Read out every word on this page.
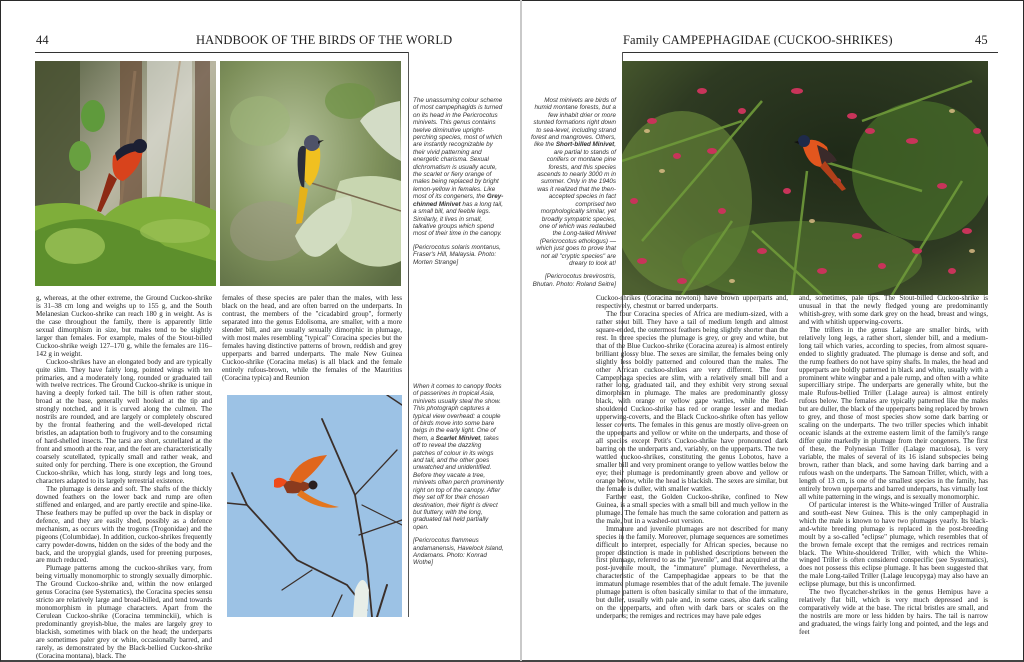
44	HANDBOOK OF THE BIRDS OF THE WORLD

g, whereas, at the other extreme, the Ground Cuckoo-shrike is 31–38 cm long and weighs up to 155 g, and the South Melanesian Cuckoo-shrike can reach 180 g in weight. As is the case throughout the family, there is apparently little sexual dimorphism in size, but males tend to be slightly larger than females. For example, males of the Stout-billed Cuckoo-shrike weigh 127–170 g, while the females are 116–142 g in weight.

Cuckoo-shrikes have an elongated body and are typically quite slim. They have fairly long, pointed wings with ten primaries, and a moderately long, rounded or graduated tail with twelve rectrices. The Ground Cuckoo-shrike is unique in having a deeply forked tail. The bill is often rather stout, broad at the base, generally well hooked at the tip and strongly notched, and it is curved along the culmen. The nostrils are rounded, and are largely or completely obscured by the frontal feathering and the well-developed rictal bristles, an adaptation both to frugivory and to the consuming of hard-shelled insects. The tarsi are short, scutellated at the front and smooth at the rear, and the feet are characteristically coarsely scutellated, typically small and rather weak, and suited only for perching. There is one exception, the Ground Cuckoo-shrike, which has long, sturdy legs and long toes, characters adapted to its largely terrestrial existence.

The plumage is dense and soft. The shafts of the thickly downed feathers on the lower back and rump are often stiffened and enlarged, and are partly erectile and spine-like. These feathers may be puffed up over the back in display or defence, and they are easily shed, possibly as a defence mechanism, as occurs with the trogons (Trogonidae) and the pigeons (Columbidae). In addition, cuckoo-shrikes frequently carry powder-downs, hidden on the sides of the body and the back, and the uropygial glands, used for preening purposes, are much reduced.

Plumage patterns among the cuckoo-shrikes vary, from being virtually monomorphic to strongly sexually dimorphic. The Ground Cuckoo-shrike and, within the now enlarged genus Coracina (see Systematics), the Coracina species sensu stricto are relatively large and broad-billed, and tend towards monomorphism in plumage characters. Apart from the Cerulean Cuckoo-shrike (Coracina temminckii), which is predominantly greyish-blue, the males are largely grey to blackish, sometimes with black on the head; the underparts are sometimes paler grey or white, occasionally barred, and rarely, as demonstrated by the Black-bellied Cuckoo-shrike (Coracina montana), black. The

females of these species are paler than the males, with less black on the head, and are often barred on the underparts. In contrast, the members of the "cicadabird group", formerly separated into the genus Edolisoma, are smaller, with a more slender bill, and are usually sexually dimorphic in plumage, with most males resembling "typical" Coracina species but the females having distinctive patterns of brown, reddish and grey upperparts and barred underparts. The male New Guinea Cuckoo-shrike (Coracina melas) is all black and the female entirely rufous-brown, while the females of the Mauritius (Coracina typica) and Reunion

The unassuming colour scheme of most campephagids is turned on its head in the Pericrocotus minivets. This genus contains twelve diminutive upright-perching species, most of which are instantly recognizable by their vivid patterning and energetic charisma. Sexual dichromatism is usually acute, the scarlet or fiery orange of males being replaced by bright lemon-yellow in females. Like most of its congeners, the Grey-chinned Minivet has a long tail, a small bill, and feeble legs. Similarly, it lives in small, talkative groups which spend most of their time in the canopy.

[Pericrocotus solaris montanus, Fraser's Hill, Malaysia. Photo: Morten Strange]

When it comes to canopy flocks of passerines in tropical Asia, minivets usually steal the show. This photograph captures a typical view overhead: a couple of birds move into some bare twigs in the early light. One of them, a Scarlet Minivet, takes off to reveal the dazzling patches of colour in its wings and tail, and the other goes unwatched and unidentified. Before they vacate a tree, minivets often perch prominently right on top of the canopy. After they set off for their chosen destination, their flight is direct but fluttery, with the long, graduated tail held partially open.

[Pericrocotus flammeus andamanensis, Havelock Island, Andamans. Photo: Konrad Wothe]

Family CAMPEPHAGIDAE (CUCKOO-SHRIKES)	45

Most minivets are birds of humid montane forests, but a few inhabit drier or more stunted formations right down to sea-level, including strand forest and mangroves. Others, like the Short-billed Minivet, are partial to stands of conifers or montane pine forests, and this species ascends to nearly 3000 m in summer. Only in the 1940s was it realized that the then-accepted species in fact comprised two morphologically similar, yet broadly sympatric species, one of which was redaubed the Long-tailed Minivet (Pericrocotus ethologus) —which just goes to prove that not all "cryptic species" are dreary to look at!

[Pericrocotus brevirostris, Bhutan. Photo: Roland Seitre]

Cuckoo-shrikes (Coracina newtoni) have brown upperparts and, respectively, chestnut or barred underparts.

The four Coracina species of Africa are medium-sized, with a rather stout bill. They have a tail of medium length and almost square-ended, the outermost feathers being slightly shorter than the rest. In three species the plumage is grey, or grey and white, but that of the Blue Cuckoo-shrike (Coracina azurea) is almost entirely brilliant glossy blue. The sexes are similar, the females being only slightly less boldly patterned and coloured than the males. The other African cuckoo-shrikes are very different. The four Campephaga species are slim, with a relatively small bill and a rather long, graduated tail, and they exhibit very strong sexual dimorphism in plumage. The males are predominantly glossy black, with orange or yellow gape wattles, while the Red-shouldered Cuckoo-shrike has red or orange lesser and median upperwing-coverts, and the Black Cuckoo-shrike often has yellow lesser coverts. The females in this genus are mostly olive-green on the upperparts and yellow or white on the underparts, and those of all species except Petit's Cuckoo-shrike have pronounced dark barring on the underparts and, variably, on the upperparts. The two wattled cuckoo-shrikes, constituting the genus Lobotos, have a smaller bill and very prominent orange to yellow wattles below the eye; their plumage is predominantly green above and yellow or orange below, while the head is blackish. The sexes are similar, but the female is duller, with smaller wattles.

Farther east, the Golden Cuckoo-shrike, confined to New Guinea, is a small species with a small bill and much yellow in the plumage. The female has much the same coloration and pattern as the male, but in a washed-out version.

Immature and juvenile plumages are not described for many species in the family. Moreover, plumage sequences are sometimes difficult to interpret, especially for African species, because no proper distinction is made in published descriptions between the first plumage, referred to as the "juvenile", and that acquired at the post-juvenile moult, the "immature" plumage. Nevertheless, a characteristic of the Campephagidae appears to be that the immature plumage resembles that of the adult female. The juvenile plumage pattern is often basically similar to that of the immature, but duller, usually with pale and, in some cases, also dark scaling on the upperparts, and often with dark bars or scales on the underparts; the remiges and rectrices may have pale edges

and, sometimes, pale tips. The Stout-billed Cuckoo-shrike is unusual in that the newly fledged young are predominantly whitish-grey, with some dark grey on the head, breast and wings, and with whitish upperwing-coverts.

The trillers in the genus Lalage are smaller birds, with relatively long legs, a rather short, slender bill, and a medium-long tail which varies, according to species, from almost square-ended to slightly graduated. The plumage is dense and soft, and the rump feathers do not have spiny shafts. In males, the head and upperparts are boldly patterned in black and white, usually with a prominent white wingbar and a pale rump, and often with a white supercilliary stripe. The underparts are generally white, but the male Rufous-bellied Triller (Lalage aurea) is almost entirely rufous below. The females are typically patterned like the males but are duller, the black of the upperparts being replaced by brown to grey, and those of most species show some dark barring or scaling on the underparts. The two triller species which inhabit oceanic islands at the extreme eastern limit of the family's range differ quite markedly in plumage from their congeners. The first of these, the Polynesian Triller (Lalage maculosa), is very variable, the males of several of its 16 island subspecies being brown, rather than black, and some having dark barring and a rufous wash on the underparts. The Samoan Triller, which, with a length of 13 cm, is one of the smallest species in the family, has entirely brown upperparts and barred underparts, has virtually lost all white patterning in the wings, and is sexually monomorphic.

Of particular interest is the White-winged Triller of Australia and south-east New Guinea. This is the only campephagid in which the male is known to have two plumages yearly. Its black-and-white breeding plumage is replaced in the post-breeding moult by a so-called "eclipse" plumage, which resembles that of the brown female except that the remiges and rectrices remain black. The White-shouldered Triller, with which the White-winged Triller is often considered conspecific (see Systematics), does not possess this eclipse plumage. It has been suggested that the male Long-tailed Triller (Lalage leucopyga) may also have an eclipse plumage, but this is unconfirmed.

The two flycatcher-shrikes in the genus Hemipus have a relatively flat bill, which is very much depressed and is comparatively wide at the base. The rictal bristles are small, and the nostrils are more or less hidden by hairs. The tail is narrow and graduated, the wings fairly long and pointed, and the legs and feet
